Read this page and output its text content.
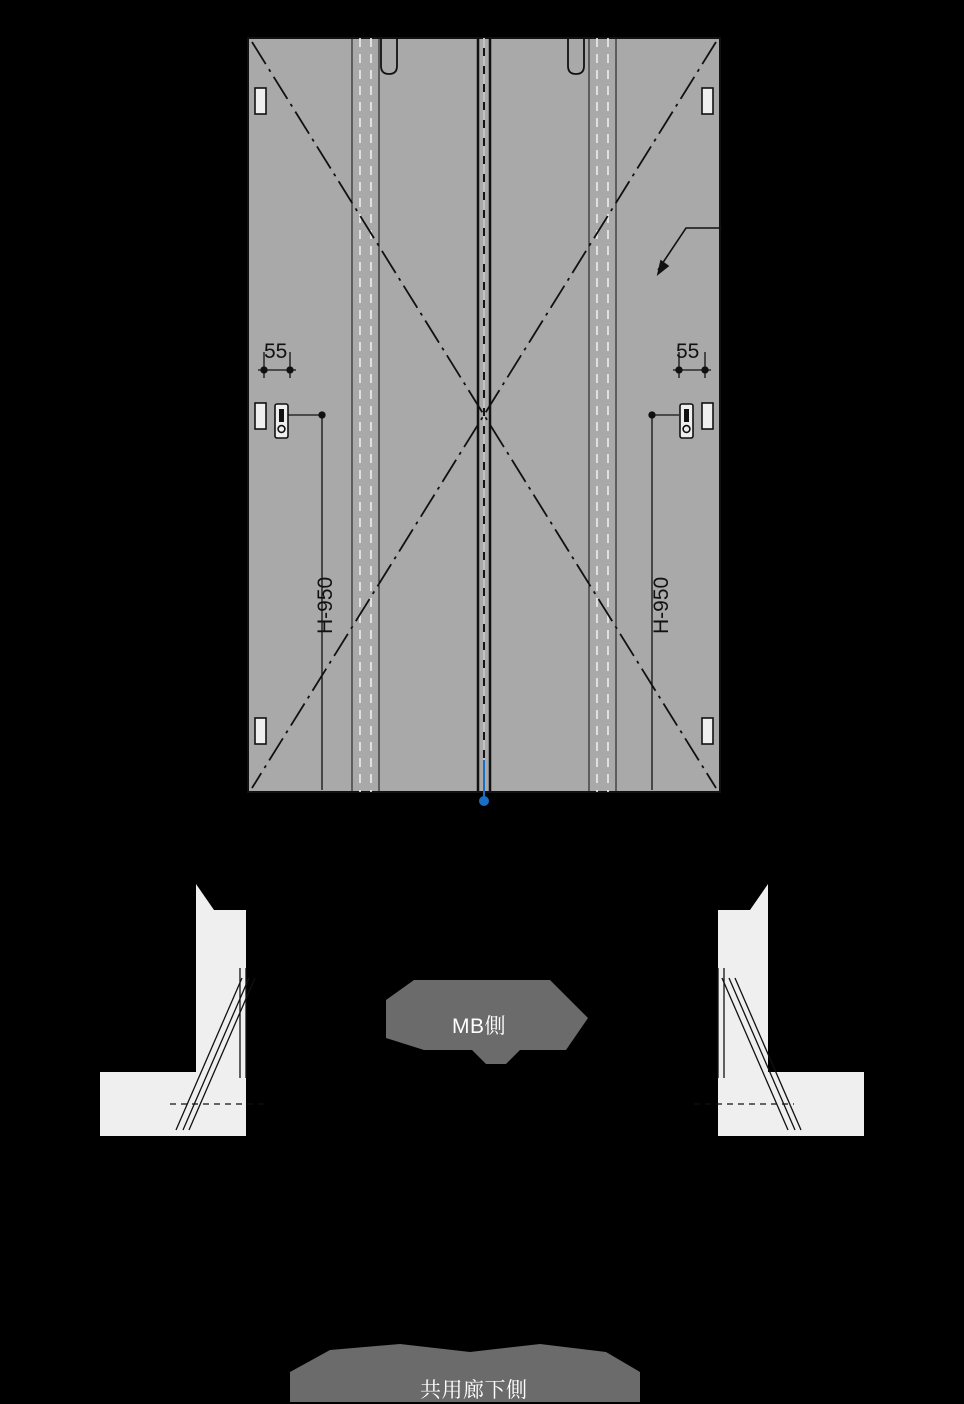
55	55
H-950	H-950
MB側
共用廊下側
